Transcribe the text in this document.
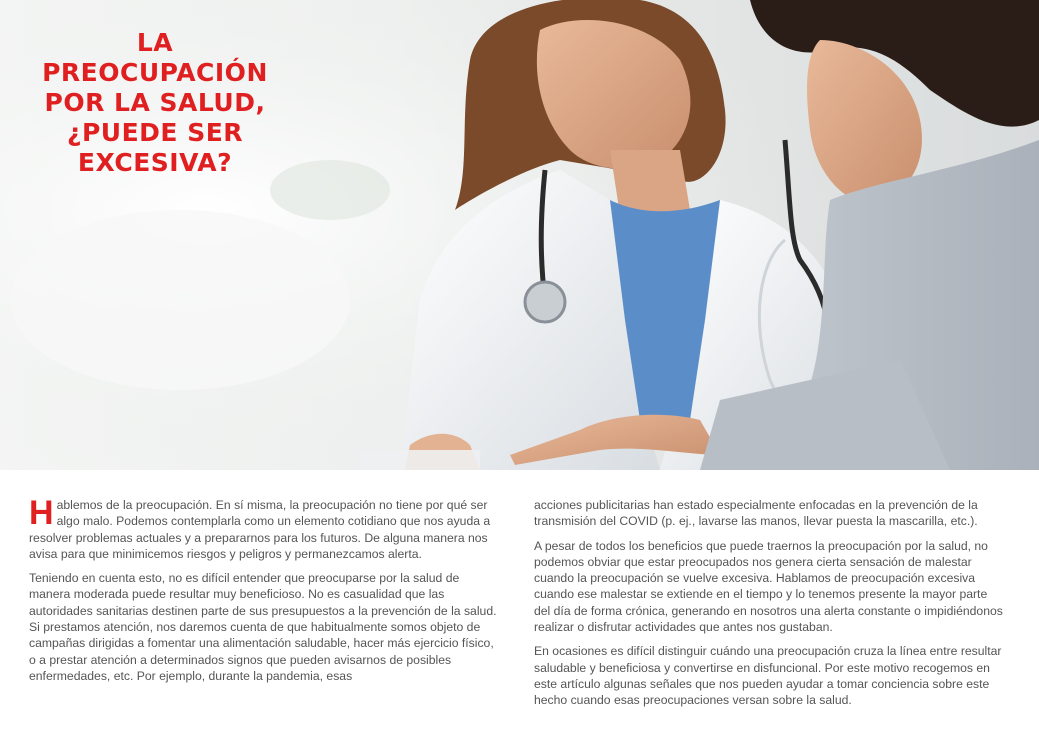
LA PREOCUPACIÓN
POR LA SALUD,
¿PUEDE SER
EXCESIVA?

Hablemos de la preocupación. En sí misma, la preocupación no tiene por qué ser algo malo. Podemos contemplarla como un elemento cotidiano que nos ayuda a resolver problemas actuales y a prepararnos para los futuros. De alguna manera nos avisa para que minimicemos riesgos y peligros y permanezcamos alerta.

Teniendo en cuenta esto, no es difícil entender que preocuparse por la salud de manera moderada puede resultar muy beneficioso. No es casualidad que las autoridades sanitarias destinen parte de sus presupuestos a la prevención de la salud. Si prestamos atención, nos daremos cuenta de que habitualmente somos objeto de campañas dirigidas a fomentar una alimentación saludable, hacer más ejercicio físico, o a prestar atención a determinados signos que pueden avisarnos de posibles enfermedades, etc. Por ejemplo, durante la pandemia, esas

acciones publicitarias han estado especialmente enfocadas en la prevención de la transmisión del COVID (p. ej., lavarse las manos, llevar puesta la mascarilla, etc.).

A pesar de todos los beneficios que puede traernos la preocupación por la salud, no podemos obviar que estar preocupados nos genera cierta sensación de malestar cuando la preocupación se vuelve excesiva. Hablamos de preocupación excesiva cuando ese malestar se extiende en el tiempo y lo tenemos presente la mayor parte del día de forma crónica, generando en nosotros una alerta constante o impidiéndonos realizar o disfrutar actividades que antes nos gustaban.

En ocasiones es difícil distinguir cuándo una preocupación cruza la línea entre resultar saludable y beneficiosa y convertirse en disfuncional. Por este motivo recogemos en este artículo algunas señales que nos pueden ayudar a tomar conciencia sobre este hecho cuando esas preocupaciones versan sobre la salud.
